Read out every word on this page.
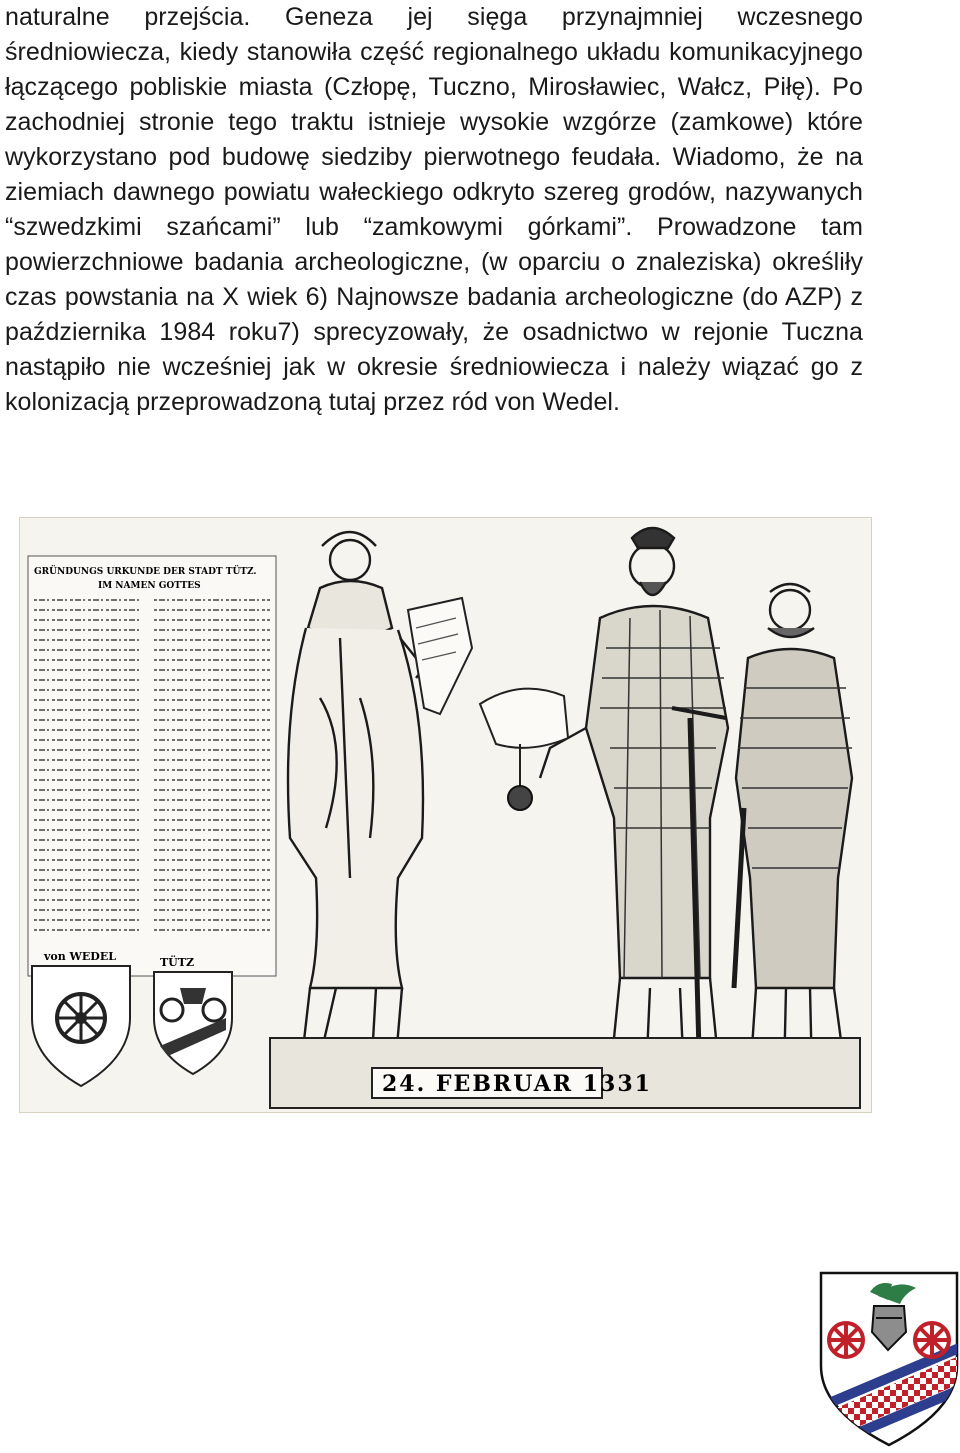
naturalne przejścia. Geneza jej sięga przynajmniej wczesnego średniowiecza, kiedy stanowiła część regionalnego układu komunikacyjnego łączącego pobliskie miasta (Człopę, Tuczno, Mirosławiec, Wałcz, Piłę). Po zachodniej stronie tego traktu istnieje wysokie wzgórze (zamkowe) które wykorzystano pod budowę siedziby pierwotnego feudała. Wiadomo, że na ziemiach dawnego powiatu wałeckiego odkryto szereg grodów, nazywanych “szwedzkimi szańcami” lub “zamkowymi górkami”. Prowadzone tam powierzchniowe badania archeologiczne, (w oparciu o znaleziska) określiły czas powstania na X wiek 6) Najnowsze badania archeologiczne (do AZP) z października 1984 roku7) sprecyzowały, że osadnictwo w rejonie Tuczna nastąpiło nie wcześniej jak w okresie średniowiecza i należy wiązać go z kolonizacją przeprowadzoną tutaj przez ród von Wedel.
GRÜNDUNGS URKUNDE DER STADT TÜTZ.
IM NAMEN GOTTES
von WEDEL	TÜTZ
24. FEBRUAR 1331
